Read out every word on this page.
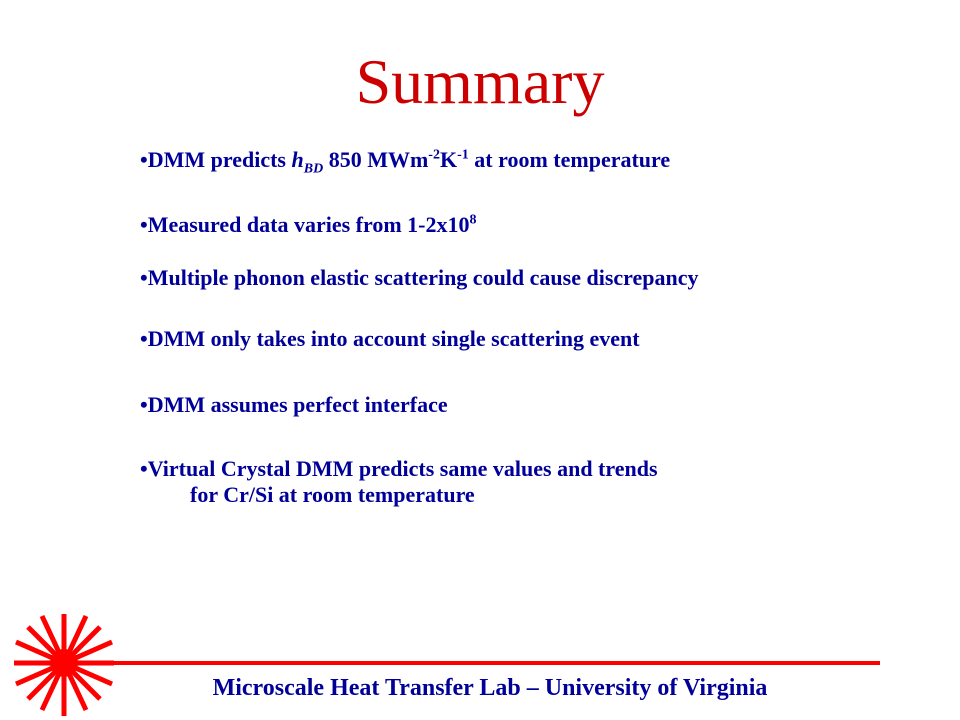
Summary
•DMM predicts $h_{BD}$ 850 $MWm^{-2}K^{-1}$ at room temperature
•Measured data varies from $1-2x10^8$
•Multiple phonon elastic scattering could cause discrepancy
•DMM only takes into account single scattering event
•DMM assumes perfect interface
•Virtual Crystal DMM predicts same values and trends
for Cr/Si at room temperature
Microscale Heat Transfer Lab – University of Virginia
